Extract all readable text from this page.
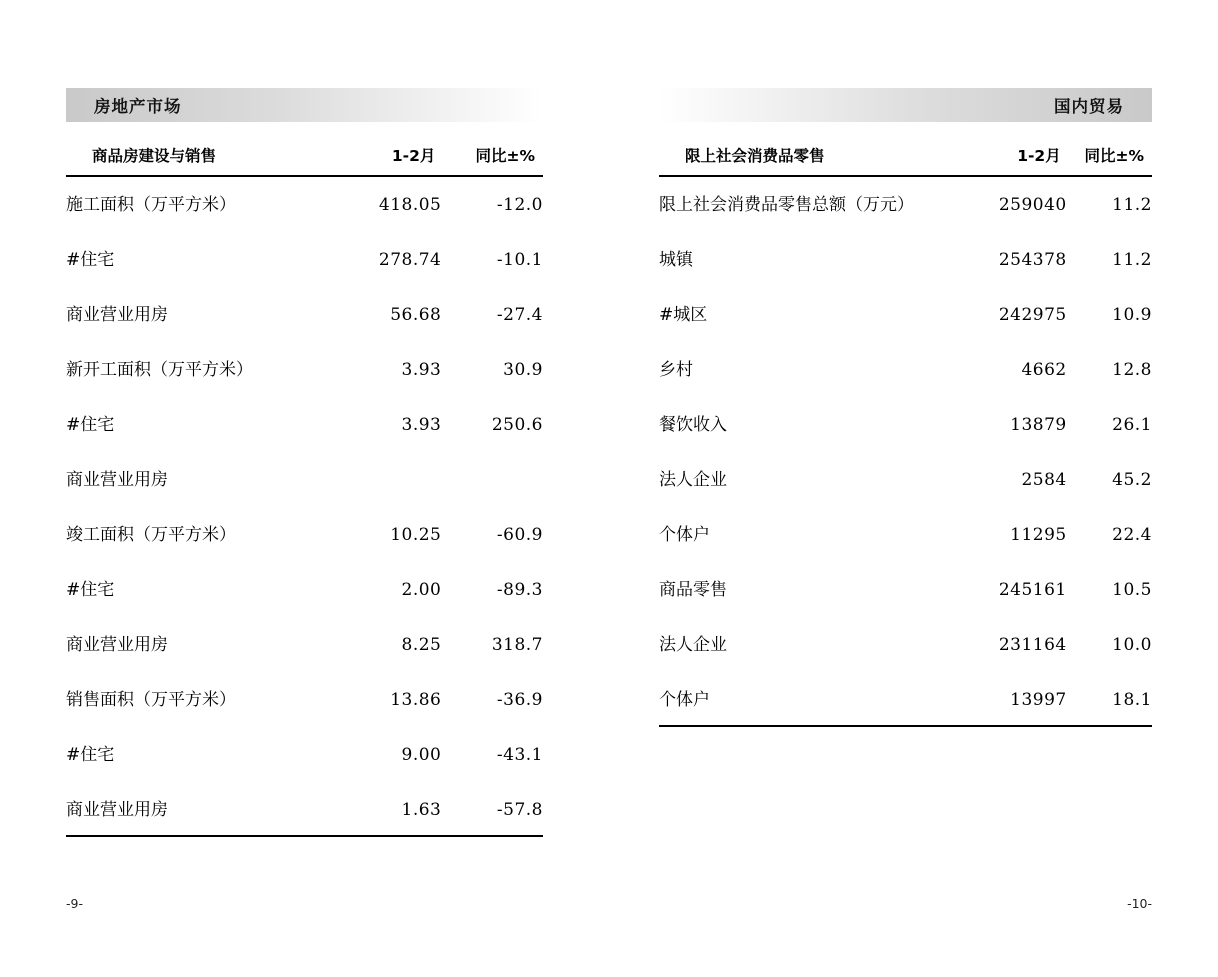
房地产市场
商品房建设与销售	1-2月	同比±%
施工面积（万平方米）	418.05	-12.0
#住宅	278.74	-10.1
商业营业用房	56.68	-27.4
新开工面积（万平方米）	3.93	30.9
#住宅	3.93	250.6
商业营业用房		
竣工面积（万平方米）	10.25	-60.9
#住宅	2.00	-89.3
商业营业用房	8.25	318.7
销售面积（万平方米）	13.86	-36.9
#住宅	9.00	-43.1
商业营业用房	1.63	-57.8
-9-
国内贸易
限上社会消费品零售	1-2月	同比±%
限上社会消费品零售总额（万元）	259040	11.2
城镇	254378	11.2
#城区	242975	10.9
乡村	4662	12.8
餐饮收入	13879	26.1
法人企业	2584	45.2
个体户	11295	22.4
商品零售	245161	10.5
法人企业	231164	10.0
个体户	13997	18.1
-10-
